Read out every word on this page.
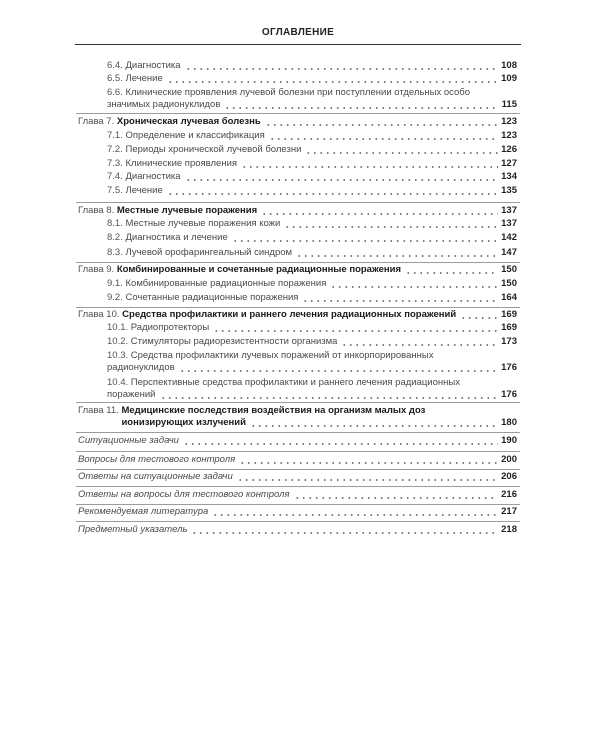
ОГЛАВЛЕНИЕ
6.4. Диагностика	108
6.5. Лечение	109
6.6. Клинические проявления лучевой болезни при поступлении отдельных особо
значимых радионуклидов	115
Глава 7. Хроническая лучевая болезнь	123
7.1. Определение и классификация	123
7.2. Периоды хронической лучевой болезни	126
7.3. Клинические проявления	127
7.4. Диагностика	134
7.5. Лечение	135
Глава 8. Местные лучевые поражения	137
8.1. Местные лучевые поражения кожи	137
8.2. Диагностика и лечение	142
8.3. Лучевой орофарингеальный синдром	147
Глава 9. Комбинированные и сочетанные радиационные поражения	150
9.1. Комбинированные радиационные поражения	150
9.2. Сочетанные радиационные поражения	164
Глава 10. Средства профилактики и раннего лечения радиационных поражений	169
10.1. Радиопротекторы	169
10.2. Стимуляторы радиорезистентности организма	173
10.3. Средства профилактики лучевых поражений от инкорпорированных
радионуклидов	176
10.4. Перспективные средства профилактики и раннего лечения радиационных
поражений	176
Глава 11. Медицинские последствия воздействия на организм малых доз
ионизирующих излучений	180
Ситуационные задачи	190
Вопросы для тестового контроля	200
Ответы на ситуационные задачи	206
Ответы на вопросы для тестового контроля	216
Рекомендуемая литература	217
Предметный указатель	218
